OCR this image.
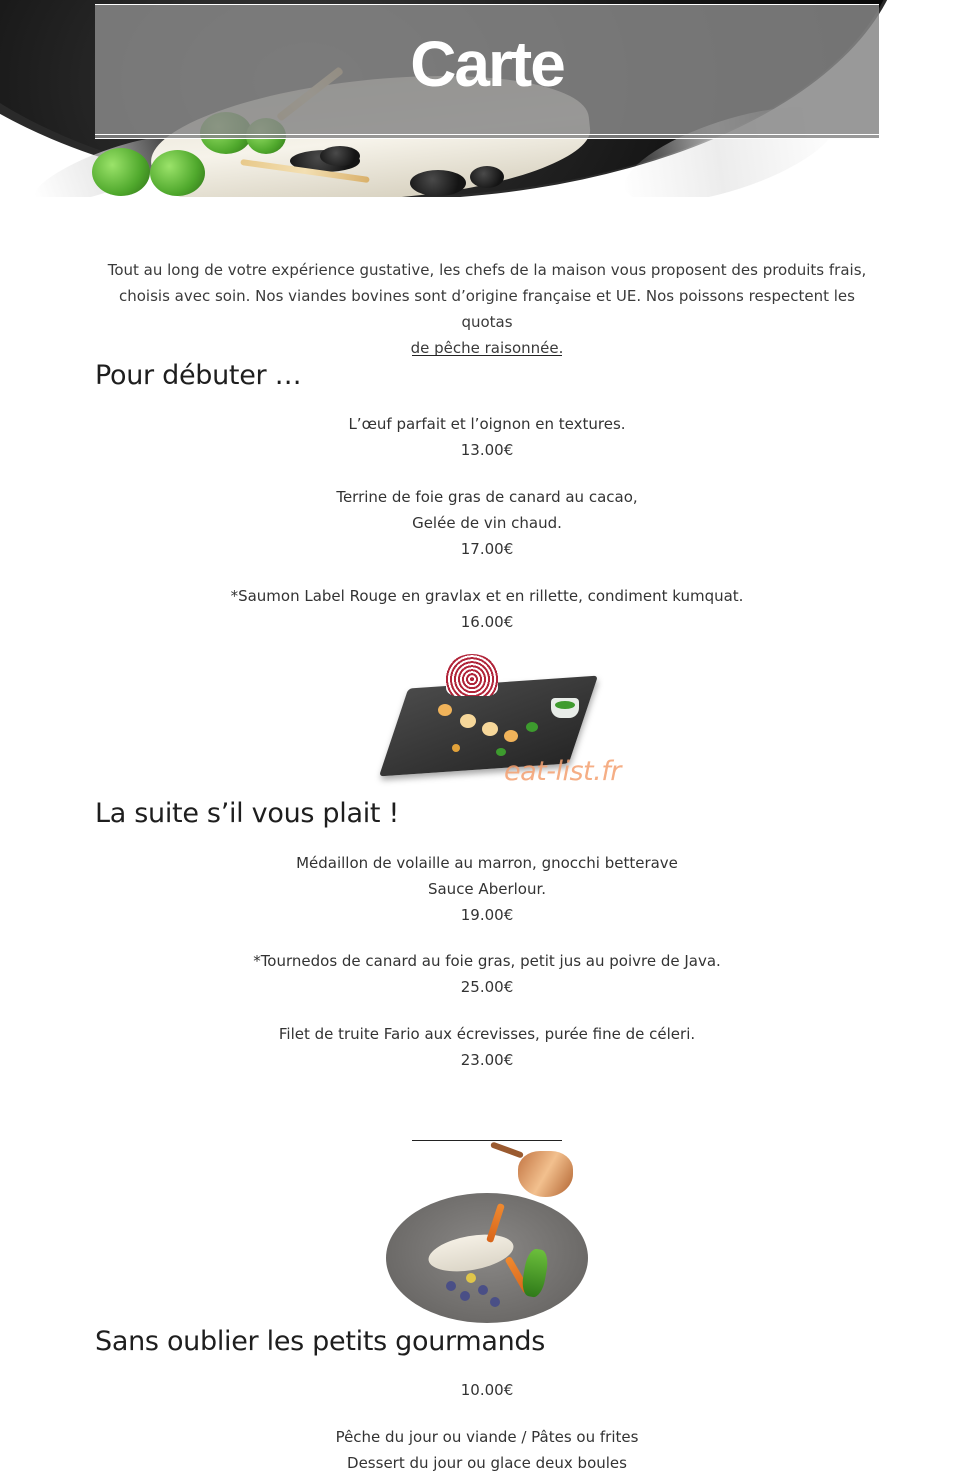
Carte
Tout au long de votre expérience gustative, les chefs de la maison vous proposent des produits frais,
choisis avec soin. Nos viandes bovines sont d’origine française et UE. Nos poissons respectent les quotas
de pêche raisonnée.
Pour débuter …
L’œuf parfait et l’oignon en textures.
13.00€
Terrine de foie gras de canard au cacao,
Gelée de vin chaud.
17.00€
*Saumon Label Rouge en gravlax et en rillette, condiment kumquat.
16.00€
eat-list.fr
La suite s’il vous plait !
Médaillon de volaille au marron, gnocchi betterave
Sauce Aberlour.
19.00€
*Tournedos de canard au foie gras, petit jus au poivre de Java.
25.00€
Filet de truite Fario aux écrevisses, purée fine de céleri.
23.00€
Sans oublier les petits gourmands
10.00€
Pêche du jour ou viande / Pâtes ou frites
Dessert du jour ou glace deux boules
